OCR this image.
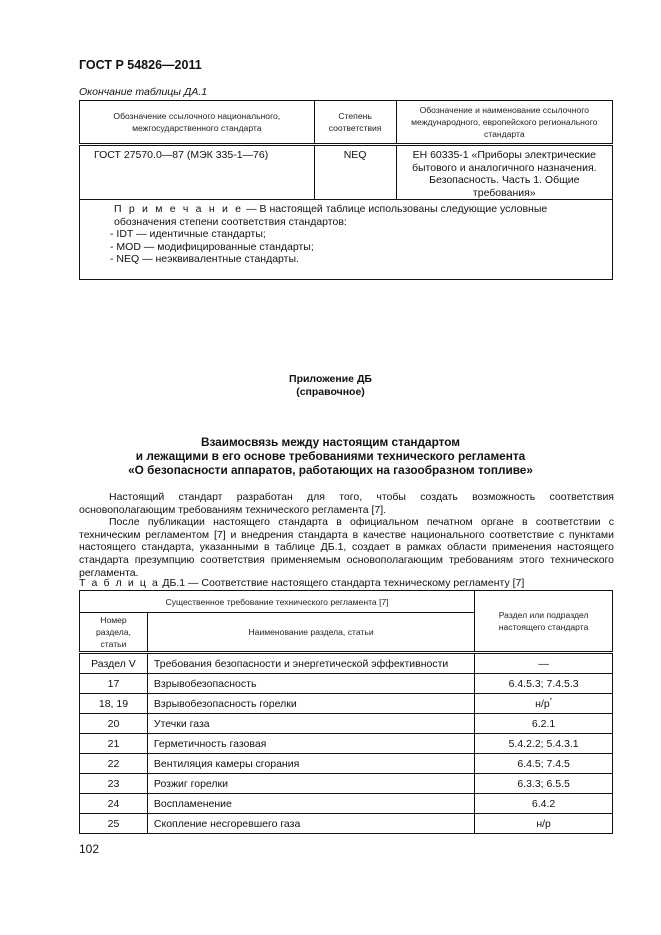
ГОСТ Р 54826—2011
Окончание таблицы ДА.1
Обозначение ссылочного национального, межгосударственного стандарта	Степень соответствия	Обозначение и наименование ссылочного международного, европейского регионального стандарта
ГОСТ 27570.0—87 (МЭК 335-1—76)	NEQ	ЕН 60335-1 «Приборы электрические бытового и аналогичного назначения. Безопасность. Часть 1. Общие требования»

П р и м е ч а н и е — В настоящей таблице использованы следующие условные обозначения степени соответствия стандартов:
- IDT — идентичные стандарты;
- MOD — модифицированные стандарты;
- NEQ — неэквивалентные стандарты.		
Приложение ДБ
(справочное)
Взаимосвязь между настоящим стандартом
и лежащими в его основе требованиями технического регламента
«О безопасности аппаратов, работающих на газообразном топливе»

Настоящий стандарт разработан для того, чтобы создать возможность соответствия основополагающим требованиям технического регламента [7].

После публикации настоящего стандарта в официальном печатном органе в соответствии с техническим регламентом [7] и внедрения стандарта в качестве национального соответствие с пунктами настоящего стандарта, указанными в таблице ДБ.1, создает в рамках области применения настоящего стандарта презумпцию соответствия применяемым основополагающим требованиям этого технического регламента.

Т а б л и ц а ДБ.1 — Соответствие настоящего стандарта техническому регламенту [7]
Существенное требование технического регламента [7]		Раздел или подраздел настоящего стандарта
Номер раздела, статьи	Наименование раздела, статьи	
Раздел V	Требования безопасности и энергетической эффективности	—
17	Взрывобезопасность	6.4.5.3; 7.4.5.3
18, 19	Взрывобезопасность горелки	н/р*
20	Утечки газа	6.2.1
21	Герметичность газовая	5.4.2.2; 5.4.3.1
22	Вентиляция камеры сгорания	6.4.5; 7.4.5
23	Розжиг горелки	6.3.3; 6.5.5
24	Воспламенение	6.4.2
25	Скопление несгоревшего газа	н/р
102
